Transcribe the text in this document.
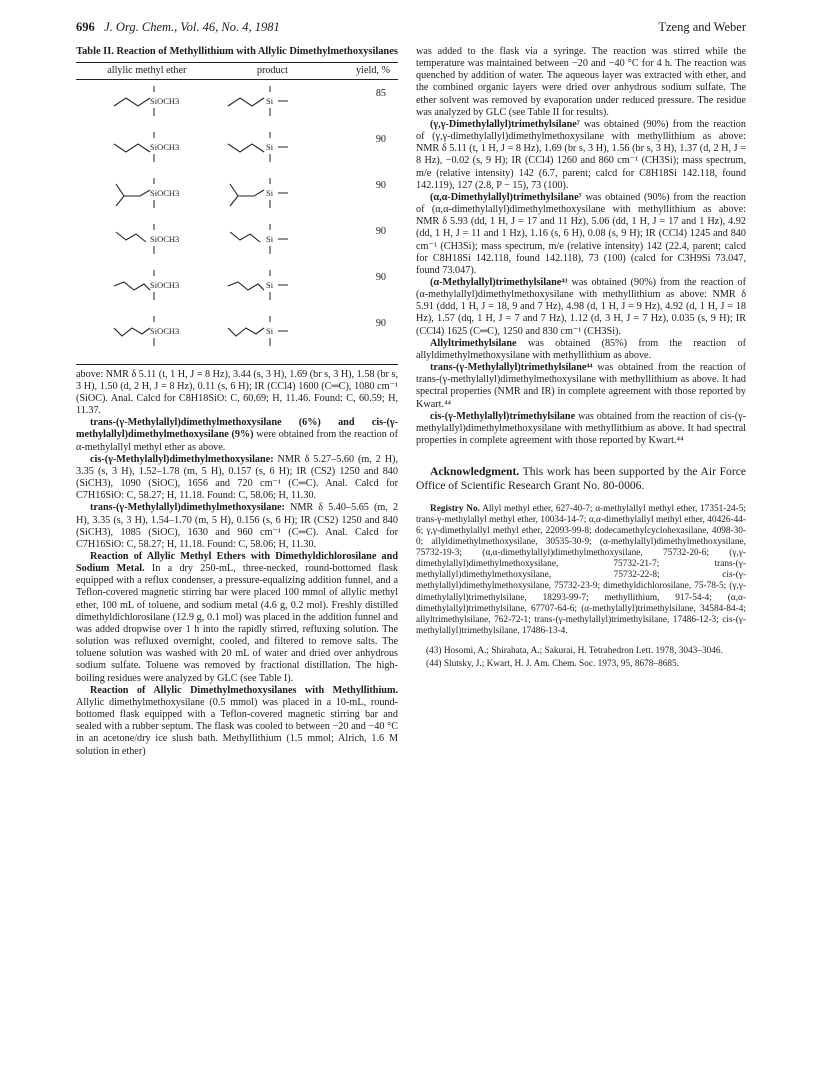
696 J. Org. Chem., Vol. 46, No. 4, 1981	Tzeng and Weber
Table II. Reaction of Methyllithium with Allylic Dimethylmethoxysilanes
allylic methyl ether	product	yield, %

SiOCH3	Si	85

SiOCH3	Si	90

SiOCH3	Si	90

SiOCH3	Si	90

SiOCH3	Si	90

SiOCH3	Si	90

above: NMR δ 5.11 (t, 1 H, J = 8 Hz), 3.44 (s, 3 H), 1.69 (br s, 3 H), 1.58 (br s, 3 H), 1.50 (d, 2 H, J = 8 Hz), 0.11 (s, 6 H); IR (CCl4) 1600 (C═C), 1080 cm⁻¹ (SiOC). Anal. Calcd for C8H18SiO: C, 60.69; H, 11.46. Found: C, 60.59; H, 11.37.

trans-(γ-Methylallyl)dimethylmethoxysilane (6%) and cis-(γ-methylallyl)dimethylmethoxysilane (9%) were obtained from the reaction of α-methylallyl methyl ether as above.

cis-(γ-Methylallyl)dimethylmethoxysilane: NMR δ 5.27–5.60 (m, 2 H), 3.35 (s, 3 H), 1.52–1.78 (m, 5 H), 0.157 (s, 6 H); IR (CS2) 1250 and 840 (SiCH3), 1090 (SiOC), 1656 and 720 cm⁻¹ (C═C). Anal. Calcd for C7H16SiO: C, 58.27; H, 11.18. Found: C, 58.06; H, 11.30.

trans-(γ-Methylallyl)dimethylmethoxysilane: NMR δ 5.40–5.65 (m, 2 H), 3.35 (s, 3 H), 1.54–1.70 (m, 5 H), 0.156 (s, 6 H); IR (CS2) 1250 and 840 (SiCH3), 1085 (SiOC), 1630 and 960 cm⁻¹ (C═C). Anal. Calcd for C7H16SiO: C, 58.27; H, 11.18. Found: C, 58.06; H, 11.30.

Reaction of Allylic Methyl Ethers with Dimethyldichlorosilane and Sodium Metal. In a dry 250-mL, three-necked, round-bottomed flask equipped with a reflux condenser, a pressure-equalizing addition funnel, and a Teflon-covered magnetic stirring bar were placed 100 mmol of allylic methyl ether, 100 mL of toluene, and sodium metal (4.6 g, 0.2 mol). Freshly distilled dimethyldichlorosilane (12.9 g, 0.1 mol) was placed in the addition funnel and was added dropwise over 1 h into the rapidly stirred, refluxing solution. The solution was refluxed overnight, cooled, and filtered to remove salts. The toluene solution was washed with 20 mL of water and dried over anhydrous sodium sulfate. Toluene was removed by fractional distillation. The high-boiling residues were analyzed by GLC (see Table I).

Reaction of Allylic Dimethylmethoxysilanes with Methyllithium. Allylic dimethylmethoxysilane (0.5 mmol) was placed in a 10-mL, round-bottomed flask equipped with a Teflon-covered magnetic stirring bar and sealed with a rubber septum. The flask was cooled to between −20 and −40 °C in an acetone/dry ice slush bath. Methyllithium (1.5 mmol; Alrich, 1.6 M solution in ether)

was added to the flask via a syringe. The reaction was stirred while the temperature was maintained between −20 and −40 °C for 4 h. The reaction was quenched by addition of water. The aqueous layer was extracted with ether, and the combined organic layers were dried over anhydrous sodium sulfate. The ether solvent was removed by evaporation under reduced pressure. The residue was analyzed by GLC (see Table II for results).

(γ,γ-Dimethylallyl)trimethylsilane⁷ was obtained (90%) from the reaction of (γ,γ-dimethylallyl)dimethylmethoxysilane with methyllithium as above: NMR δ 5.11 (t, 1 H, J = 8 Hz), 1.69 (br s, 3 H), 1.56 (br s, 3 H), 1.37 (d, 2 H, J = 8 Hz), −0.02 (s, 9 H); IR (CCl4) 1260 and 860 cm⁻¹ (CH3Si); mass spectrum, m/e (relative intensity) 142 (6.7, parent; calcd for C8H18Si 142.118, found 142.119), 127 (2.8, P − 15), 73 (100).

(α,α-Dimethylallyl)trimethylsilane⁷ was obtained (90%) from the reaction of (α,α-dimethylallyl)dimethylmethoxysilane with methyllithium as above: NMR δ 5.93 (dd, 1 H, J = 17 and 11 Hz), 5.06 (dd, 1 H, J = 17 and 1 Hz), 4.92 (dd, 1 H, J = 11 and 1 Hz), 1.16 (s, 6 H), 0.08 (s, 9 H); IR (CCl4) 1245 and 840 cm⁻¹ (CH3Si); mass spectrum, m/e (relative intensity) 142 (22.4, parent; calcd for C8H18Si 142.118, found 142.118), 73 (100) (calcd for C3H9Si 73.047, found 73.047).

(α-Methylallyl)trimethylsilane⁴³ was obtained (90%) from the reaction of (α-methylallyl)dimethylmethoxysilane with methyllithium as above: NMR δ 5.91 (ddd, 1 H, J = 18, 9 and 7 Hz), 4.98 (d, 1 H, J = 9 Hz), 4.92 (d, 1 H, J = 18 Hz), 1.57 (dq, 1 H, J = 7 and 7 Hz), 1.12 (d, 3 H, J = 7 Hz), 0.035 (s, 9 H); IR (CCl4) 1625 (C═C), 1250 and 830 cm⁻¹ (CH3Si).

Allyltrimethylsilane was obtained (85%) from the reaction of allyldimethylmethoxysilane with methyllithium as above.

trans-(γ-Methylallyl)trimethylsilane⁴⁴ was obtained from the reaction of trans-(γ-methylallyl)dimethylmethoxysilane with methyllithium as above. It had spectral properties (NMR and IR) in complete agreement with those reported by Kwart.⁴⁴

cis-(γ-Methylallyl)trimethylsilane was obtained from the reaction of cis-(γ-methylallyl)dimethylmethoxysilane with methyllithium as above. It had spectral properties in complete agreement with those reported by Kwart.⁴⁴

Acknowledgment. This work has been supported by the Air Force Office of Scientific Research Grant No. 80-0006.

Registry No. Allyl methyl ether, 627-40-7; α-methylallyl methyl ether, 17351-24-5; trans-γ-methylallyl methyl ether, 10034-14-7; α,α-dimethylallyl methyl ether, 40426-44-6; γ,γ-dimethylallyl methyl ether, 22093-99-8; dodecamethylcyclohexasilane, 4098-30-0; allyldimethylmethoxysilane, 30535-30-9; (α-methylallyl)dimethylmethoxysilane, 75732-19-3; (α,α-dimethylallyl)dimethylmethoxysilane, 75732-20-6; (γ,γ-dimethylallyl)dimethylmethoxysilane, 75732-21-7; trans-(γ-methylallyl)dimethylmethoxysilane, 75732-22-8; cis-(γ-methylallyl)dimethylmethoxysilane, 75732-23-9; dimethyldichlorosilane, 75-78-5; (γ,γ-dimethylallyl)trimethylsilane, 18293-99-7; methyllithium, 917-54-4; (α,α-dimethylallyl)trimethylsilane, 67707-64-6; (α-methylallyl)trimethylsilane, 34584-84-4; allyltrimethylsilane, 762-72-1; trans-(γ-methylallyl)trimethylsilane, 17486-12-3; cis-(γ-methylallyl)trimethylsilane, 17486-13-4.

(43) Hosomi, A.; Shirahata, A.; Sakurai, H. Tetrahedron Lett. 1978, 3043–3046.
(44) Slutsky, J.; Kwart, H. J. Am. Chem. Soc. 1973, 95, 8678–8685.
